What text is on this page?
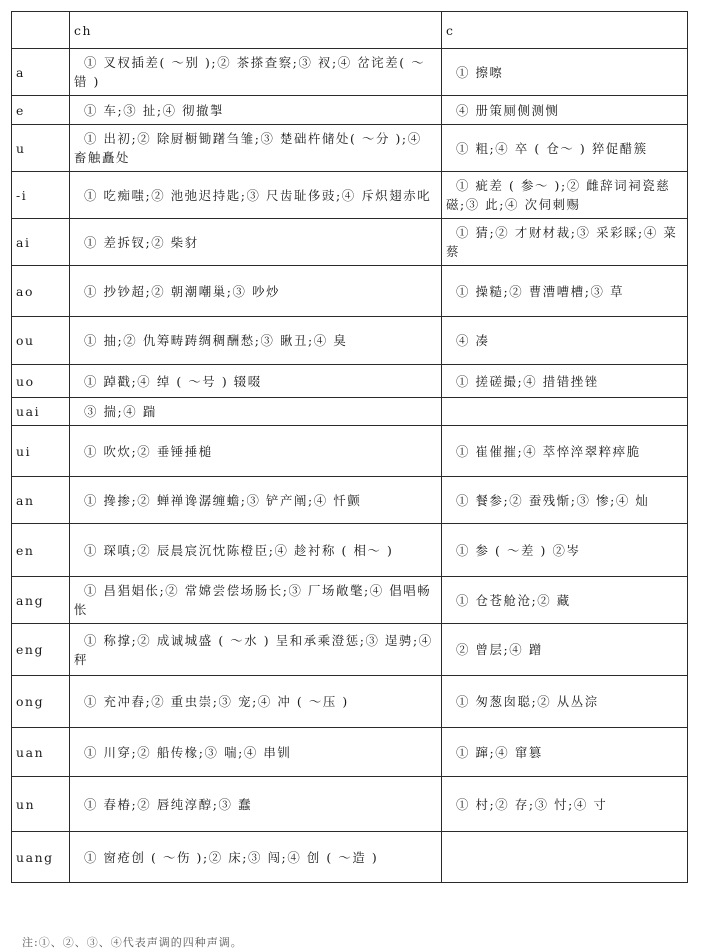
	ch	c
a	① 叉杈插差( ～别 );② 茶搽查察;③ 衩;④ 岔诧差( ～错 )	① 擦嚓
e	① 车;③ 扯;④ 彻撤掣	④ 册策厕侧测恻
u	① 出初;② 除厨橱锄躇刍雏;③ 楚础杵储处( ～分 );④ 畜触矗处	① 粗;④ 卒 ( 仓～ ) 猝促醋簇
-i	① 吃痴嗤;② 池弛迟持匙;③ 尺齿耻侈豉;④ 斥炽翅赤叱	① 疵差 ( 参～ );② 雌辞词祠瓷慈磁;③ 此;④ 次伺刺赐
ai	① 差拆钗;② 柴豺	① 猜;② 才财材裁;③ 采彩睬;④ 菜蔡
ao	① 抄钞超;② 朝潮嘲巢;③ 吵炒	① 操糙;② 曹漕嘈槽;③ 草
ou	① 抽;② 仇筹畴踌绸稠酬愁;③ 瞅丑;④ 臭	④ 凑
uo	① 踔戳;④ 绰 ( ～号 ) 辍啜	① 搓磋撮;④ 措错挫锉
uai	③ 揣;④ 踹	
ui	① 吹炊;② 垂锤捶槌	① 崔催摧;④ 萃悴淬翠粹瘁脆
an	① 搀掺;② 蝉禅谗潺缠蟾;③ 铲产阐;④ 忏颤	① 餐参;② 蚕残惭;③ 惨;④ 灿
en	① 琛嗔;② 辰晨宸沉忱陈橙臣;④ 趁衬称 ( 相～ )	① 参 ( ～差 ) ②岑
ang	① 昌猖娼伥;② 常嫦尝偿场肠长;③ 厂场敞氅;④ 倡唱畅怅	① 仓苍舱沧;② 藏
eng	① 称撑;② 成诚城盛 ( ～水 ) 呈和承乘澄惩;③ 逞骋;④ 秤	② 曾层;④ 蹭
ong	① 充冲舂;② 重虫崇;③ 宠;④ 冲 ( ～压 )	① 匆葱囱聪;② 从丛淙
uan	① 川穿;② 船传椽;③ 喘;④ 串钏	① 蹿;④ 窜篡
un	① 春椿;② 唇纯淳醇;③ 蠢	① 村;② 存;③ 忖;④ 寸
uang	① 窗疮创 ( ～伤 );② 床;③ 闯;④ 创 ( ～造 )	
注:①、②、③、④代表声调的四种声调。
